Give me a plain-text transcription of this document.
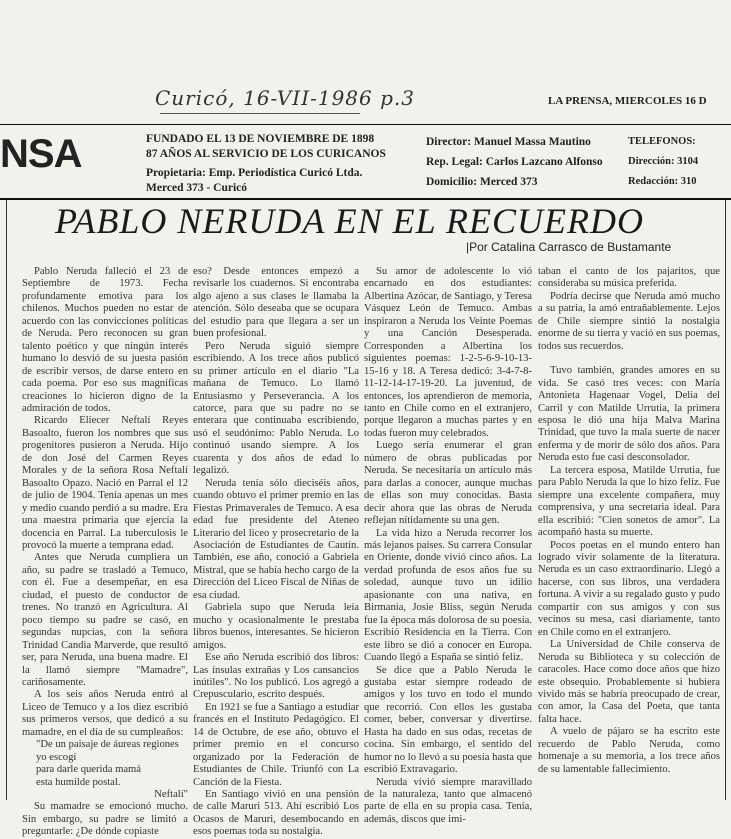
Curicó, 16-VII-1986 p.3	LA PRENSA, MIERCOLES 16 D
NSA	FUNDADO EL 13 DE NOVIEMBRE DE 1898
87 AÑOS AL SERVICIO DE LOS CURICANOS
Propietaria: Emp. Periodística Curicó Ltda.
Merced 373 - Curicó
Director: Manuel Massa Mautino
Rep. Legal: Carlos Lazcano Alfonso
Domicilio: Merced 373
TELEFONOS:
Dirección: 3104
Redacción: 310
PABLO NERUDA EN EL RECUERDO
|Por Catalina Carrasco de Bustamante

Pablo Neruda falleció el 23 de Septiembre de 1973. Fecha profundamente emotiva para los chilenos. Muchos pueden no estar de acuerdo con las convicciones políticas de Neruda. Pero reconocen su gran talento poético y que ningún interés humano lo desvió de su juesta pasión de escribir versos, de darse entero en cada poema. Por eso sus magníficas creaciones lo hicieron digno de la admiración de todos.

Ricardo Eliecer Neftalí Reyes Basoalto, fueron los nombres que sus progenitores pusieron a Neruda. Hijo de don José del Carmen Reyes Morales y de la señora Rosa Neftalí Basoalto Opazo. Nació en Parral el 12 de julio de 1904. Tenía apenas un mes y medio cuando perdió a su madre. Era una maestra primaria que ejercía la docencia en Parral. La tuberculosis le provocó la muerte a temprana edad.

Antes que Neruda cumpliera un año, su padre se trasladó a Temuco, con él. Fue a desempeñar, en esa ciudad, el puesto de conductor de trenes. No tranzó en Agricultura. Al poco tiempo su padre se casó, en segundas nupcias, con la señora Trinidad Candia Marverde, que resultó ser, para Neruda, una buena madre. El la llamó siempre "Mamadre", cariñosamente.

A los seis años Neruda entró al Liceo de Temuco y a los diez escribió sus primeros versos, que dedicó a su mamadre, en el día de su cumpleaños:

"De un paisaje de áureas regiones

yo escogí

para darle querida mamá

esta humilde postal.

Neftalí"

Su mamadre se emocionó mucho. Sin embargo, su padre se limitó a preguntarle: ¿De dónde copiaste

eso? Desde entonces empezó a revisarle los cuadernos. Si encontraba algo ajeno a sus clases le llamaba la atención. Sólo deseaba que se ocupara del estudio para que llegara a ser un buen profesional.

Pero Neruda siguió siempre escribiendo. A los trece años publicó su primer artículo en el diario "La mañana de Temuco. Lo llamó Entusiasmo y Perseverancia. A los catorce, para que su padre no se enterara que continuaba escribiendo, usó el seudónimo: Pablo Neruda. Lo continuó usando siempre. A los cuarenta y dos años de edad lo legalizó.

Neruda tenía sólo dieciséis años, cuando obtuvo el primer premio en las Fiestas Primaverales de Temuco. A esa edad fue presidente del Ateneo Literario del liceo y prosecretario de la Asociación de Estudiantes de Cautín. También, ese año, conoció a Gabriela Mistral, que se había hecho cargo de la Dirección del Liceo Fiscal de Niñas de esa ciudad.

Gabriela supo que Neruda leía mucho y ocasionalmente le prestaba libros buenos, interesantes. Se hicieron amigos.

Ese año Neruda escribió dos libros: Las ínsulas extrañas y Los cansancios inútiles". No los publicó. Los agregó a Crepusculario, escrito después.

En 1921 se fue a Santiago a estudiar francés en el Instituto Pedagógico. El 14 de Octubre, de ese año, obtuvo el primer premio en el concurso organizado por la Federación de Estudiantes de Chile. Triunfó con La Canción de la Fiesta.

En Santiago vivió en una pensión de calle Maruri 513. Ahí escribió Los Ocasos de Maruri, desembocando en esos poemas toda su nostalgia.

Su amor de adolescente lo vió encarnado en dos estudiantes: Albertina Azócar, de Santiago, y Teresa Vásquez León de Temuco. Ambas inspiraron a Neruda los Veinte Poemas y una Canción Desesperada. Corresponden a Albertina los siguientes poemas: 1-2-5-6-9-10-13-15-16 y 18. A Teresa dedicó: 3-4-7-8-11-12-14-17-19-20. La juventud, de entonces, los aprendieron de memoria, tanto en Chile como en el extranjero, porque llegaron a muchas partes y en todas fueron muy celebrados.

Luego sería enumerar el gran número de obras publicadas por Neruda. Se necesitaría un artículo más para darlas a conocer, aunque muchas de ellas son muy conocidas. Basta decir ahora que las obras de Neruda reflejan nítidamente su una gen.

La vida hizo a Neruda recorrer los más lejanos países. Su carrera Consular en Oriente, donde vivió cinco años. La verdad profunda de esos años fue su soledad, aunque tuvo un idilio apasionante con una nativa, en Birmania, Josie Bliss, según Neruda fue la época más dolorosa de su poesía. Escribió Residencia en la Tierra. Con este libro se dió a conocer en Europa. Cuando llegó a España se sintió feliz.

Se dice que a Pablo Neruda le gustaba estar siempre rodeado de amigos y los tuvo en todo el mundo que recorrió. Con ellos les gustaba comer, beber, conversar y divertirse. Hasta ha dado en sus odas, recetas de cocina. Sin embargo, el sentido del humor no lo llevó a su poesía hasta que escribió Extravagario.

Neruda vivió siempre maravillado de la naturaleza, tanto que almacenó parte de ella en su propia casa. Tenía, además, discos que imi-

taban el canto de los pajaritos, que consideraba su música preferida.

Podría decirse que Neruda amó mucho a su patria, la amó entrañablemente. Lejos de Chile siempre sintió la nostalgia enorme de su tierra y vació en sus poemas, todos sus recuerdos.

Tuvo también, grandes amores en su vida. Se casó tres veces: con María Antonieta Hagenaar Vogel, Delia del Carril y con Matilde Urrutia, la primera esposa le dió una hija Malva Marina Trinidad, que tuvo la mala suerte de nacer enferma y de morir de sólo dos años. Para Neruda esto fue casi desconsolador.

La tercera esposa, Matilde Urrutia, fue para Pablo Neruda la que lo hizo feliz. Fue siempre una excelente compañera, muy comprensiva, y una secretaria ideal. Para ella escribió: "Cien sonetos de amor". La acompañó hasta su muerte.

Pocos poetas en el mundo entero han logrado vivir solamente de la literatura. Neruda es un caso extraordinario. Llegó a hacerse, con sus libros, una verdadera fortuna. A vivir a su regalado gusto y pudo compartir con sus amigos y con sus vecinos su mesa, casi diariamente, tanto en Chile como en el extranjero.

La Universidad de Chile conserva de Neruda su Biblioteca y su colección de caracoles. Hace como doce años que hizo este obsequio. Probablemente si hubiera vivido más se habría preocupado de crear, con amor, la Casa del Poeta, que tanta falta hace.

A vuelo de pájaro se ha escrito este recuerdo de Pablo Neruda, como homenaje a su memoria, a los trece años de su lamentable fallecimiento.
